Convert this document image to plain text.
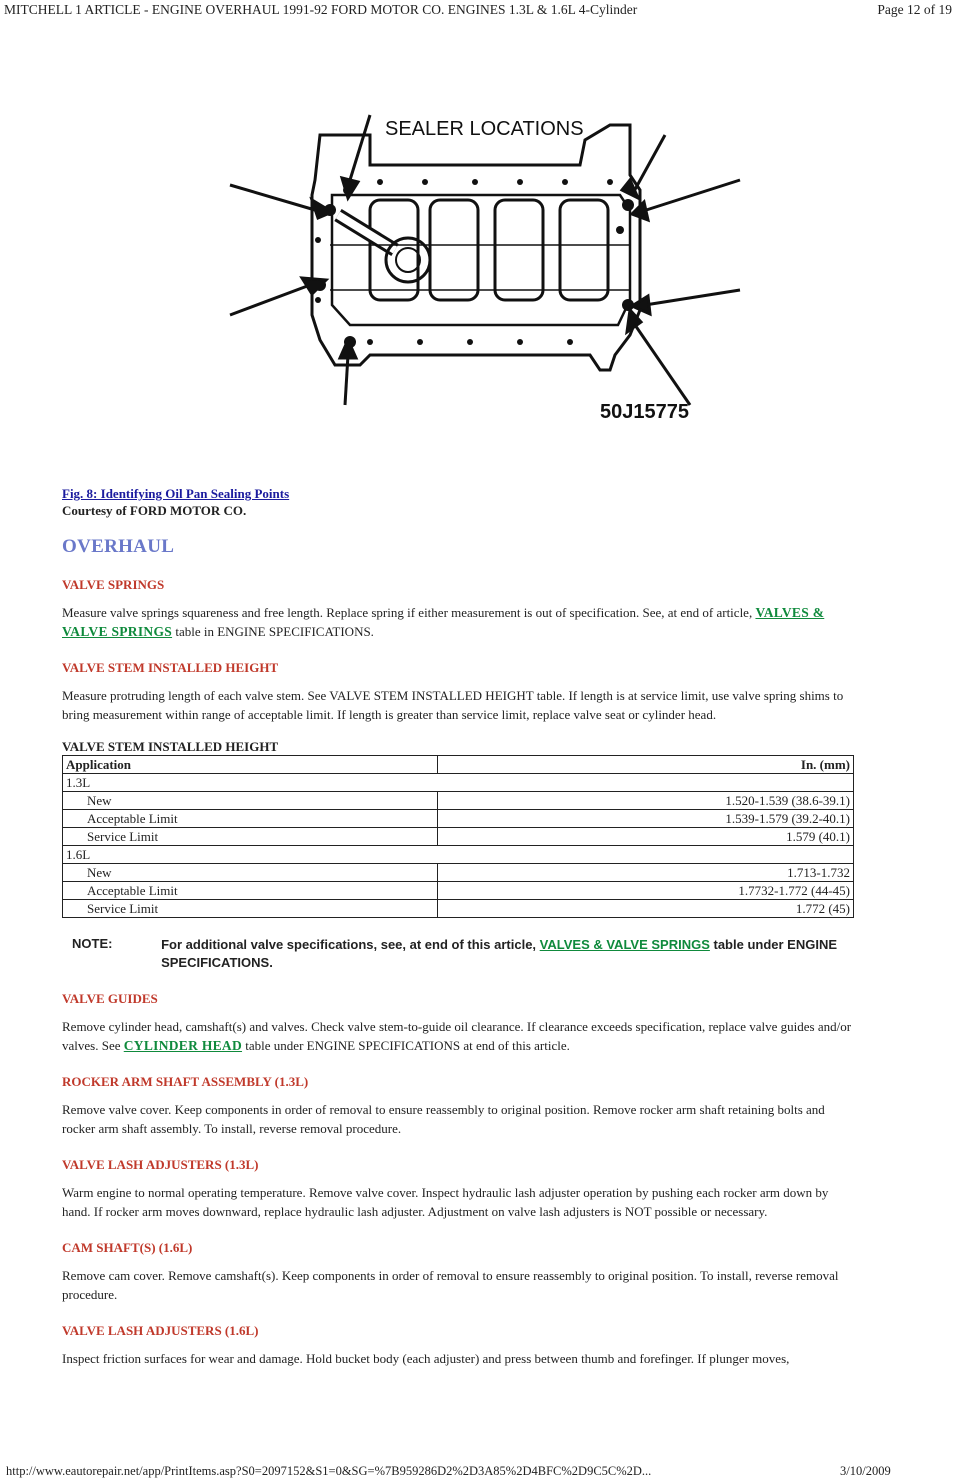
MITCHELL 1 ARTICLE - ENGINE OVERHAUL 1991-92 FORD MOTOR CO. ENGINES 1.3L & 1.6L 4-Cylinder	Page 12 of 19
SEALER LOCATIONS
50J15775
Fig. 8: Identifying Oil Pan Sealing Points
Courtesy of FORD MOTOR CO.
OVERHAUL
VALVE SPRINGS

Measure valve springs squareness and free length. Replace spring if either measurement is out of specification. See, at end of article, VALVES & VALVE SPRINGS table in ENGINE SPECIFICATIONS.

VALVE STEM INSTALLED HEIGHT

Measure protruding length of each valve stem. See VALVE STEM INSTALLED HEIGHT table. If length is at service limit, use valve spring shims to bring measurement within range of acceptable limit. If length is greater than service limit, replace valve seat or cylinder head.

VALVE STEM INSTALLED HEIGHT
Application	In. (mm)
1.3L	
New	1.520-1.539 (38.6-39.1)
Acceptable Limit	1.539-1.579 (39.2-40.1)
Service Limit	1.579 (40.1)
1.6L	
New	1.713-1.732
Acceptable Limit	1.7732-1.772 (44-45)
Service Limit	1.772 (45)
NOTE:	For additional valve specifications, see, at end of this article, VALVES & VALVE SPRINGS table under ENGINE SPECIFICATIONS.
VALVE GUIDES

Remove cylinder head, camshaft(s) and valves. Check valve stem-to-guide oil clearance. If clearance exceeds specification, replace valve guides and/or valves. See CYLINDER HEAD table under ENGINE SPECIFICATIONS at end of this article.

ROCKER ARM SHAFT ASSEMBLY (1.3L)

Remove valve cover. Keep components in order of removal to ensure reassembly to original position. Remove rocker arm shaft retaining bolts and rocker arm shaft assembly. To install, reverse removal procedure.

VALVE LASH ADJUSTERS (1.3L)

Warm engine to normal operating temperature. Remove valve cover. Inspect hydraulic lash adjuster operation by pushing each rocker arm down by hand. If rocker arm moves downward, replace hydraulic lash adjuster. Adjustment on valve lash adjusters is NOT possible or necessary.

CAM SHAFT(S) (1.6L)

Remove cam cover. Remove camshaft(s). Keep components in order of removal to ensure reassembly to original position. To install, reverse removal procedure.

VALVE LASH ADJUSTERS (1.6L)

Inspect friction surfaces for wear and damage. Hold bucket body (each adjuster) and press between thumb and forefinger. If plunger moves,

http://www.eautorepair.net/app/PrintItems.asp?S0=2097152&S1=0&SG=%7B959286D2%2D3A85%2D4BFC%2D9C5C%2D...	3/10/2009
